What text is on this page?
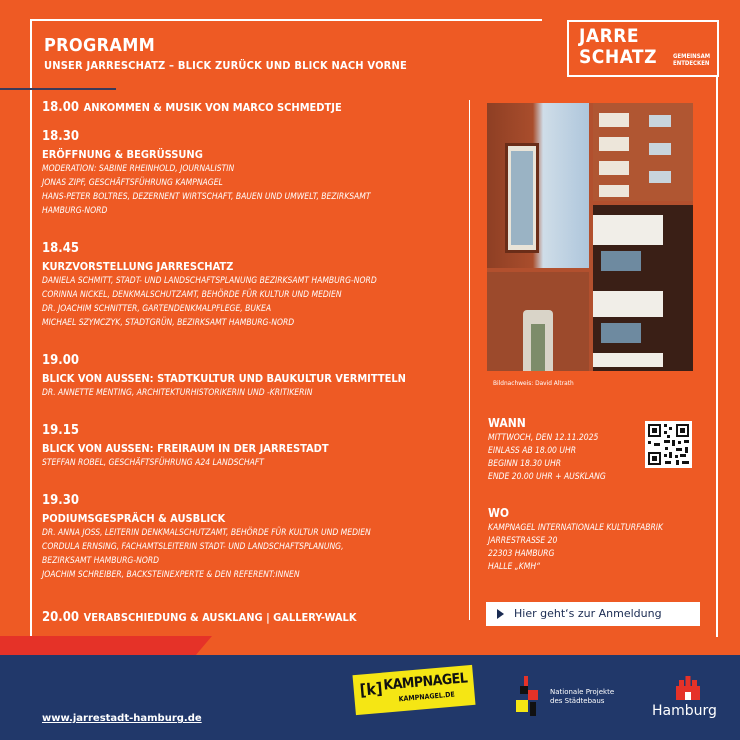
PROGRAMM
UNSER JARRESCHATZ – BLICK ZURÜCK UND BLICK NACH VORNE
JARRE
SCHATZ	GEMEINSAM
ENTDECKEN
18.00 ANKOMMEN & MUSIK VON MARCO SCHMEDTJE
18.30
ERÖFFNUNG & BEGRÜSSUNG
MODERATION: SABINE RHEINHOLD, JOURNALISTIN
JONAS ZIPF, GESCHÄFTSFÜHRUNG KAMPNAGEL
HANS-PETER BOLTRES, DEZERNENT WIRTSCHAFT, BAUEN UND UMWELT, BEZIRKSAMT
HAMBURG-NORD
18.45
KURZVORSTELLUNG JARRESCHATZ
DANIELA SCHMITT, STADT- UND LANDSCHAFTSPLANUNG BEZIRKSAMT HAMBURG-NORD
CORINNA NICKEL, DENKMALSCHUTZAMT, BEHÖRDE FÜR KULTUR UND MEDIEN
DR. JOACHIM SCHNITTER, GARTENDENKMALPFLEGE, BUKEA
MICHAEL SZYMCZYK, STADTGRÜN, BEZIRKSAMT HAMBURG-NORD
19.00
BLICK VON AUSSEN: STADTKULTUR UND BAUKULTUR VERMITTELN
DR. ANNETTE MENTING, ARCHITEKTURHISTORIKERIN UND -KRITIKERIN
19.15
BLICK VON AUSSEN: FREIRAUM IN DER JARRESTADT
STEFFAN ROBEL, GESCHÄFTSFÜHRUNG A24 LANDSCHAFT
19.30
PODIUMSGESPRÄCH & AUSBLICK
DR. ANNA JOSS, LEITERIN DENKMALSCHUTZAMT, BEHÖRDE FÜR KULTUR UND MEDIEN
CORDULA ERNSING, FACHAMTSLEITERIN STADT- UND LANDSCHAFTSPLANUNG,
BEZIRKSAMT HAMBURG-NORD
JOACHIM SCHREIBER, BACKSTEINEXPERTE & DEN REFERENT:INNEN
20.00 VERABSCHIEDUNG & AUSKLANG | GALLERY-WALK
Bildnachweis: David Altrath
WANN
MITTWOCH, DEN 12.11.2025
EINLASS AB 18.00 UHR
BEGINN 18.30 UHR
ENDE 20.00 UHR + AUSKLANG
WO
KAMPNAGEL INTERNATIONALE KULTURFABRIK
JARRESTRASSE 20
22303 HAMBURG
HALLE „KMH“
Hier geht‘s zur Anmeldung
www.jarrestadt-hamburg.de
[k] KAMPNAGEL
KAMPNAGEL.DE	Nationale Projekte
des Städtebaus
Hamburg
